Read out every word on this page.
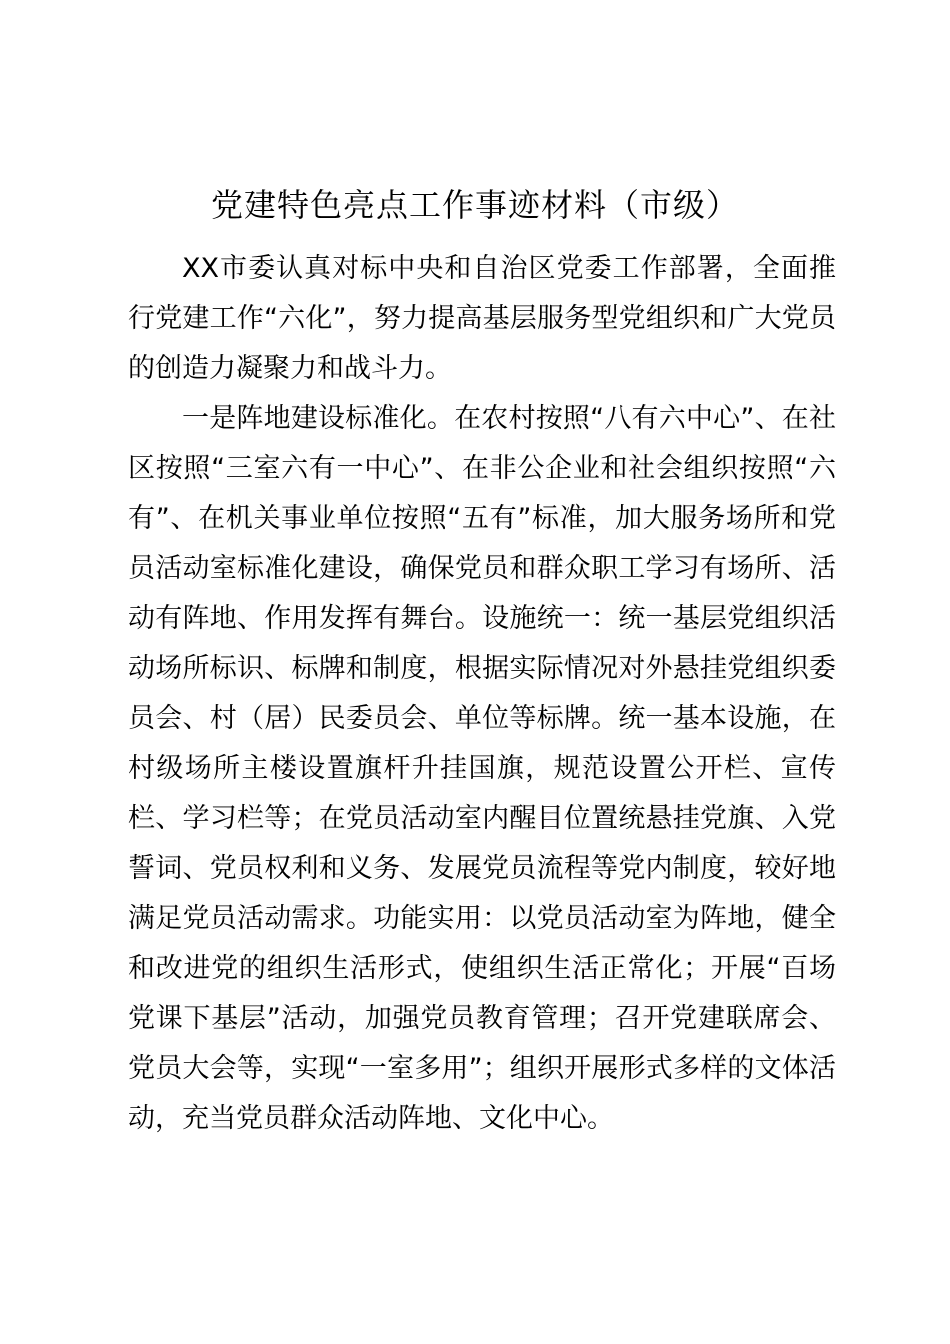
党建特色亮点工作事迹材料（市级）

XX市委认真对标中央和自治区党委工作部署，全面推行党建工作“六化”，努力提高基层服务型党组织和广大党员的创造力凝聚力和战斗力。

一是阵地建设标准化。在农村按照“八有六中心”、在社区按照“三室六有一中心”、在非公企业和社会组织按照“六有”、在机关事业单位按照“五有”标准，加大服务场所和党员活动室标准化建设，确保党员和群众职工学习有场所、活动有阵地、作用发挥有舞台。设施统一：统一基层党组织活动场所标识、标牌和制度，根据实际情况对外悬挂党组织委员会、村（居）民委员会、单位等标牌。统一基本设施，在村级场所主楼设置旗杆升挂国旗，规范设置公开栏、宣传栏、学习栏等；在党员活动室内醒目位置统悬挂党旗、入党誓词、党员权利和义务、发展党员流程等党内制度，较好地满足党员活动需求。功能实用：以党员活动室为阵地，健全和改进党的组织生活形式，使组织生活正常化；开展“百场党课下基层”活动，加强党员教育管理；召开党建联席会、党员大会等，实现“一室多用”；组织开展形式多样的文体活动，充当党员群众活动阵地、文化中心。
